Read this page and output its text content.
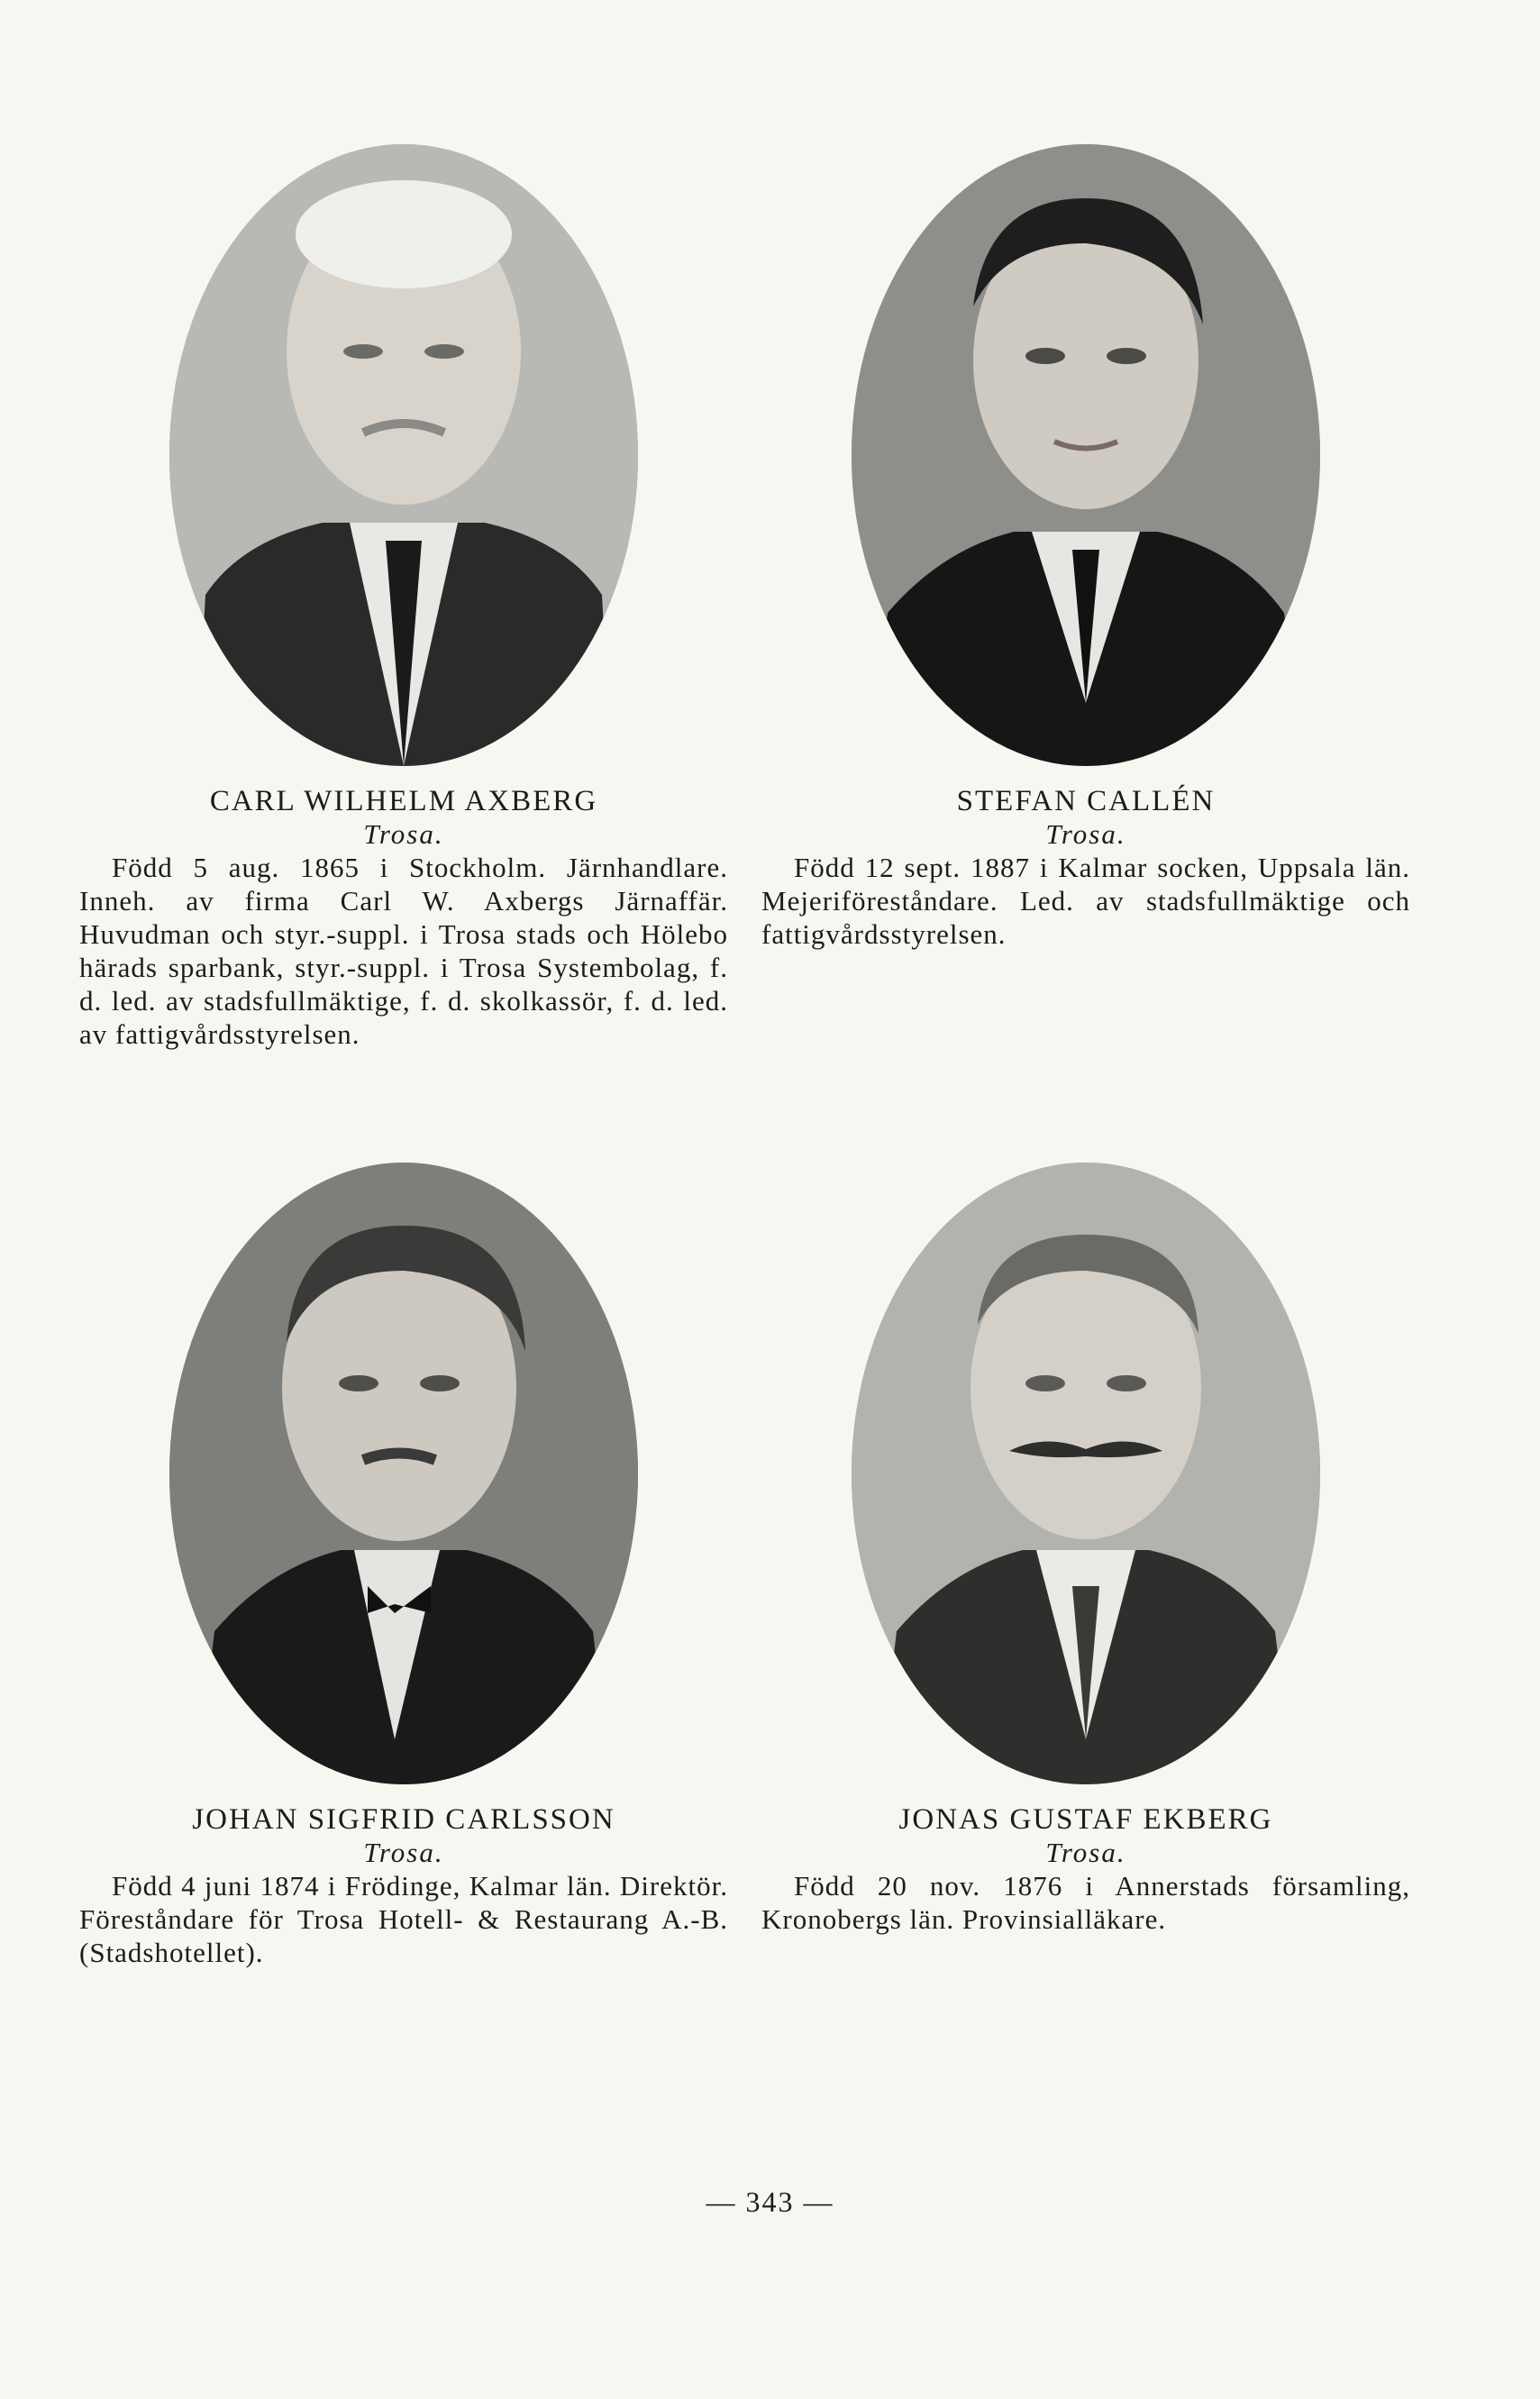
CARL WILHELM AXBERG
Trosa.

Född 5 aug. 1865 i Stockholm. Järnhandlare. Inneh. av firma Carl W. Axbergs Järnaffär. Huvudman och styr.-suppl. i Trosa stads och Hölebo härads sparbank, styr.-suppl. i Trosa Systembolag, f. d. led. av stadsfullmäktige, f. d. skolkassör, f. d. led. av fattigvårdsstyrelsen.

STEFAN CALLÉN
Trosa.

Född 12 sept. 1887 i Kalmar socken, Uppsala län. Mejeriföreståndare. Led. av stadsfullmäktige och fattigvårdsstyrelsen.

JOHAN SIGFRID CARLSSON
Trosa.

Född 4 juni 1874 i Frödinge, Kalmar län. Direktör. Föreståndare för Trosa Hotell- & Restaurang A.-B. (Stadshotellet).

JONAS GUSTAF EKBERG
Trosa.

Född 20 nov. 1876 i Annerstads församling, Kronobergs län. Provinsialläkare.

— 343 —
